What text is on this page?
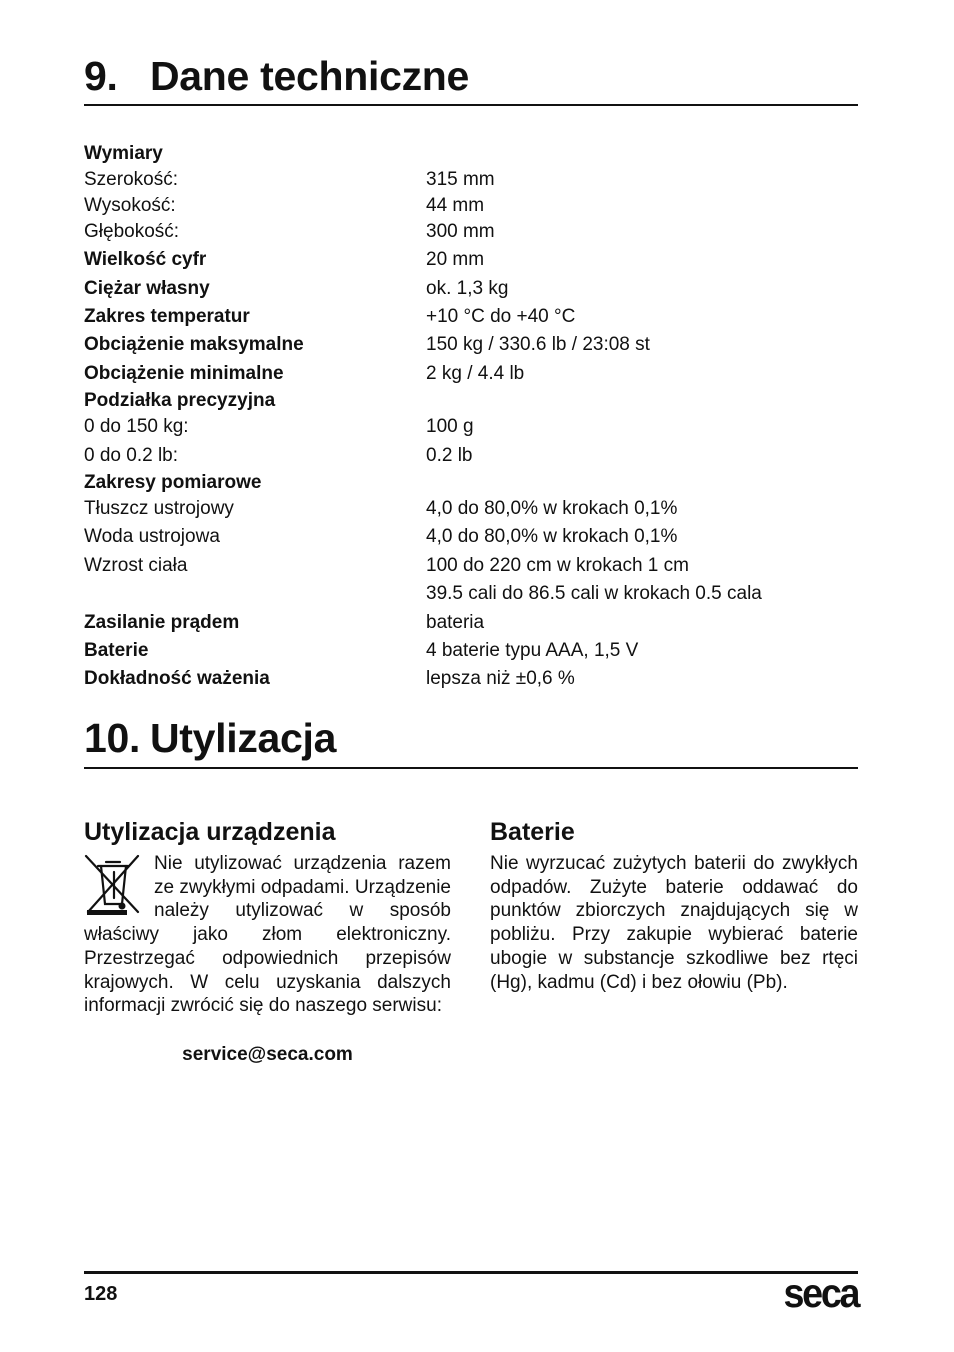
9. Dane techniczne
Wymiary
Szerokość:	315 mm
Wysokość:	44 mm
Głębokość:	300 mm
Wielkość cyfr	20 mm
Ciężar własny	ok. 1,3 kg
Zakres temperatur	+10 °C do +40 °C
Obciążenie maksymalne	150 kg / 330.6 lb / 23:08 st
Obciążenie minimalne	2 kg / 4.4 lb
Podziałka precyzyjna
0 do 150 kg:	100 g
0 do 0.2 lb:	0.2 lb
Zakresy pomiarowe
Tłuszcz ustrojowy	4,0 do 80,0% w krokach 0,1%
Woda ustrojowa	4,0 do 80,0% w krokach 0,1%
Wzrost ciała	100 do 220 cm w krokach 1 cm
39.5 cali do 86.5 cali w krokach 0.5 cala
Zasilanie prądem	bateria
Baterie	4 baterie typu AAA, 1,5 V
Dokładność ważenia	lepsza niż ±0,6 %
10. Utylizacja
Utylizacja urządzenia	Baterie
Nie utylizować urządzenia razem ze zwykłymi odpadami. Urządzenie należy utylizować w sposób właściwy jako złom elektroniczny. Przestrzegać odpowiednich przepisów krajowych. W celu uzyskania dalszych informacji zwrócić się do naszego serwisu:
service@seca.com
Nie wyrzucać zużytych baterii do zwykłych odpadów. Zużyte baterie oddawać do punktów zbiorczych znajdujących się w pobliżu. Przy zakupie wybierać baterie ubogie w substancje szkodliwe bez rtęci (Hg), kadmu (Cd) i bez ołowiu (Pb).
128	seca
